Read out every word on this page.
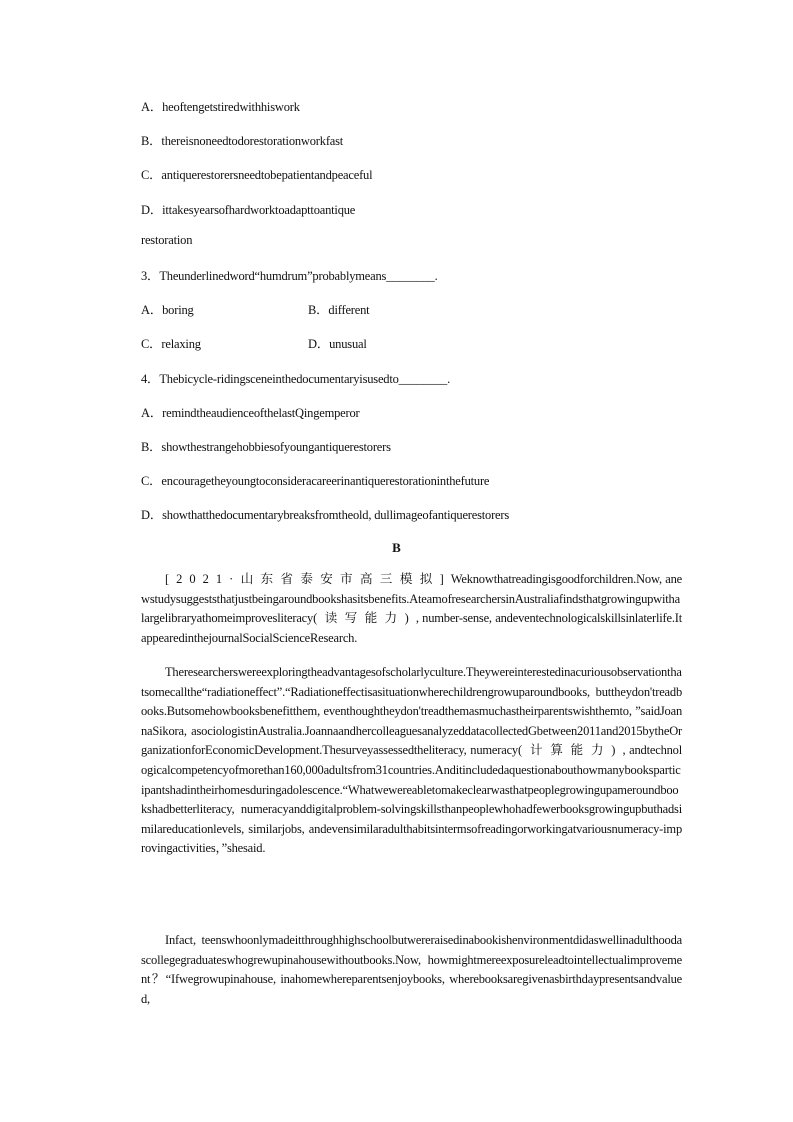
A．heoftengetstiredwithhiswork
B．thereisnoneedtodorestorationworkfast
C．antiquerestorersneedtobepatientandpeaceful
D．ittakesyearsofhardworktoadapttoantique
restoration
3．Theunderlinedword“humdrum”probablymeans________.
A．boring	B．different
C．relaxing	D．unusual
4．Thebicycle-ridingsceneinthedocumentaryisusedto________.
A．remindtheaudienceofthelastQingemperor
B．showthestrangehobbiesofyoungantiquerestorers
C．encouragetheyoungtoconsideracareerinantiquerestorationinthefuture
D．showthatthedocumentarybreaksfromtheold, dullimageofantiquerestorers
B
[2021·山东省泰安市高三模拟]Weknowthatreadingisgoodforchildren.Now, anewstudysuggeststhatjustbeingaroundbookshasitsbenefits.AteamofresearchersinAustraliafindsthatgrowingupwithalargelibraryathomeimprovesliteracy(读写能力), number-sense, andeventechnologicalskillsinlaterlife.ItappearedinthejournalSocialScienceResearch.
Theresearcherswereexploringtheadvantagesofscholarlyculture.Theywereinterestedinacuriousobservationthatsomecallthe“radiationeffect”.“Radiationeffectisasituationwherechildrengrowuparoundbooks, buttheydon'treadbooks.Butsomehowbooksbenefitthem, eventhoughtheydon'treadthemasmuchastheirparentswishthemto, ”saidJoannaSikora, asociologistinAustralia.JoannaandhercolleaguesanalyzeddatacollectedGbetween2011and2015bytheOrganizationforEconomicDevelopment.Thesurveyassessedtheliteracy, numeracy(计算能力), andtechnologicalcompetencyofmorethan160,000adultsfrom31countries.Anditincludedaquestionabouthowmanybooksparticipantshadintheirhomesduringadolescence.“Whatwewereabletomakeclearwasthatpeoplegrowingupameroundbookshadbetterliteracy, numeracyanddigitalproblem-solvingskillsthanpeoplewhohadfewerbooksgrowingupbuthadsimilareducationlevels, similarjobs, andevensimilaradulthabitsintermsofreadingorworkingatvariousnumeracy-improvingactivities，”shesaid.
Infact, teenswhoonlymadeitthroughhighschoolbutwereraisedinabookishenvironmentdidaswellinadulthoodascollegegraduateswhogrewupinahousewithoutbooks.Now, howmightmereexposureleadtointellectualimprovement？“Ifwegrowupinahouse, inahomewhereparentsenjoybooks, wherebooksaregivenasbirthdaypresentsandvalued,
